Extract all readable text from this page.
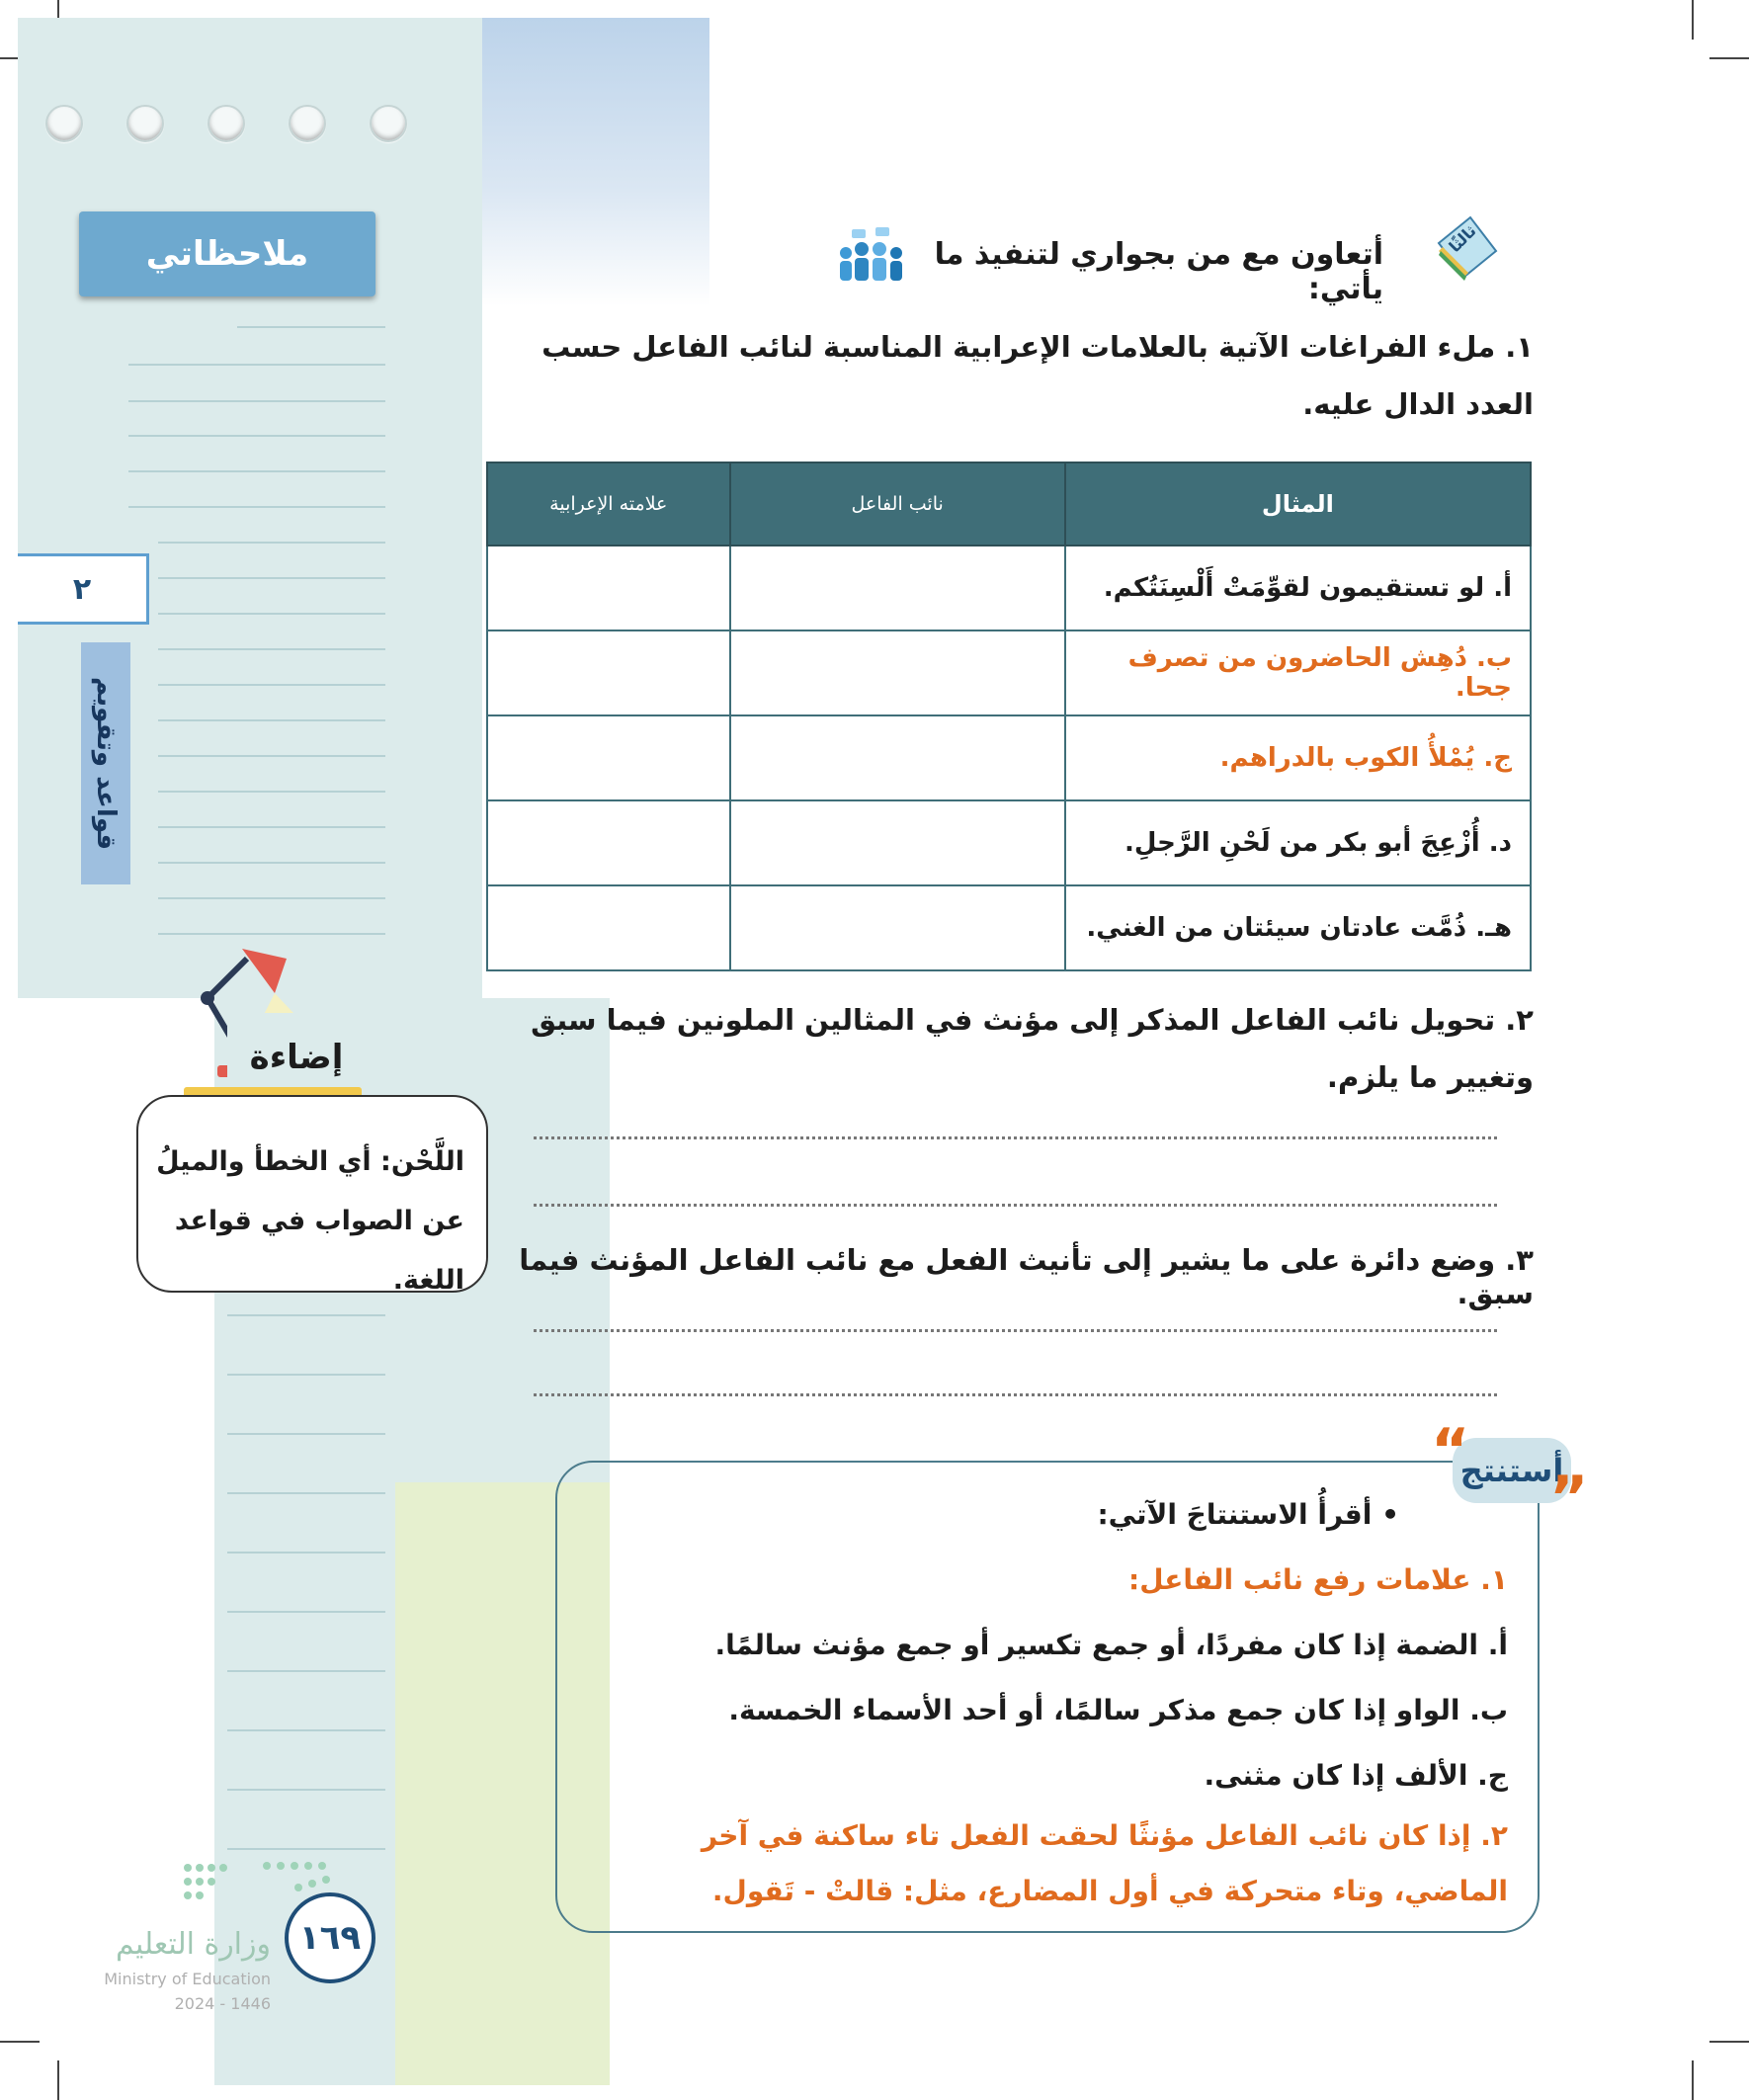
ملاحظاتي
٢
قواعد وتقويم
إضاءة
اللَّحْن: أي الخطأ والميلُ عن الصواب في قواعد اللغة.
ثالثًا
أتعاون مع من بجواري لتنفيذ ما يأتي:
١. ملء الفراغات الآتية بالعلامات الإعرابية المناسبة لنائب الفاعل حسب العدد الدال عليه.
المثال	نائب الفاعل	علامته الإعرابية
أ. لو تستقيمون لقوِّمَتْ أَلْسِنَتُكم.		
ب. دُهِش الحاضرون من تصرف جحا.		
ج. يُمْلأُ الكوب بالدراهم.		
د. أُزْعِجَ أبو بكر من لَحْنِ الرَّجلِ.		
هـ. ذُمَّت عادتان سيئتان من الغني.		
٢. تحويل نائب الفاعل المذكر إلى مؤنث في المثالين الملونين فيما سبق وتغيير ما يلزم.
٣. وضع دائرة على ما يشير إلى تأنيث الفعل مع نائب الفاعل المؤنث فيما سبق.
• أقرأُ الاستنتاجَ الآتي:
١. علامات رفع نائب الفاعل:
أ. الضمة إذا كان مفردًا، أو جمع تكسير أو جمع مؤنث سالمًا.
ب. الواو إذا كان جمع مذكر سالمًا، أو أحد الأسماء الخمسة.
ج. الألف إذا كان مثنى.
٢. إذا كان نائب الفاعل مؤنثًا لحقت الفعل تاء ساكنة في آخر الماضي، وتاء متحركة في أول المضارع، مثل: قالتْ - تَقول.
أستنتج
“
”
١٦٩
وزارة التعليم
Ministry of Education
2024 - 1446
